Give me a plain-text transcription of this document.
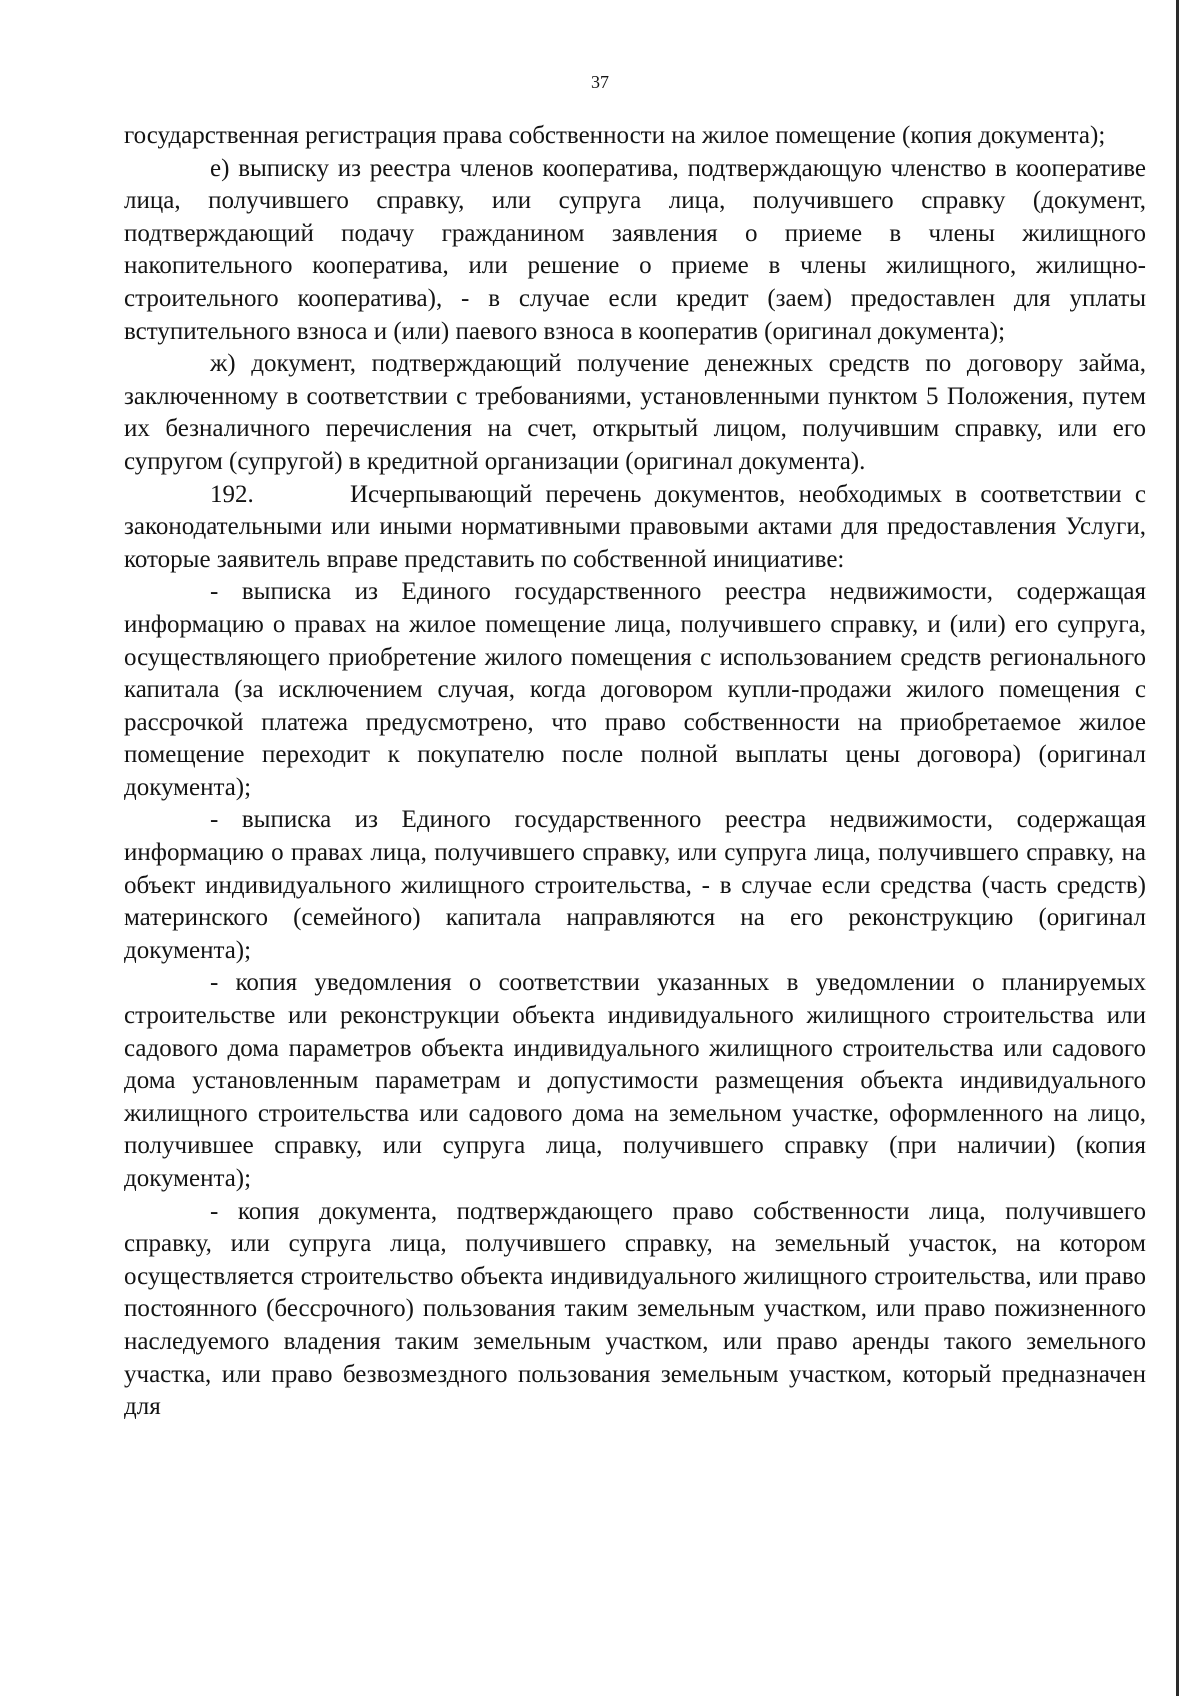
37

государственная регистрация права собственности на жилое помещение (копия документа);

е) выписку из реестра членов кооператива, подтверждающую членство в кооперативе лица, получившего справку, или супруга лица, получившего справку (документ, подтверждающий подачу гражданином заявления о приеме в члены жилищного накопительного кооператива, или решение о приеме в члены жилищного, жилищно-строительного кооператива), - в случае если кредит (заем) предоставлен для уплаты вступительного взноса и (или) паевого взноса в кооператив (оригинал документа);

ж) документ, подтверждающий получение денежных средств по договору займа, заключенному в соответствии с требованиями, установленными пунктом 5 Положения, путем их безналичного перечисления на счет, открытый лицом, получившим справку, или его супругом (супругой) в кредитной организации (оригинал документа).

192.	Исчерпывающий перечень документов, необходимых в соответствии с законодательными или иными нормативными правовыми актами для предоставления Услуги, которые заявитель вправе представить по собственной инициативе:

- выписка из Единого государственного реестра недвижимости, содержащая информацию о правах на жилое помещение лица, получившего справку, и (или) его супруга, осуществляющего приобретение жилого помещения с использованием средств регионального капитала (за исключением случая, когда договором купли-продажи жилого помещения с рассрочкой платежа предусмотрено, что право собственности на приобретаемое жилое помещение переходит к покупателю после полной выплаты цены договора) (оригинал документа);

- выписка из Единого государственного реестра недвижимости, содержащая информацию о правах лица, получившего справку, или супруга лица, получившего справку, на объект индивидуального жилищного строительства, - в случае если средства (часть средств) материнского (семейного) капитала направляются на его реконструкцию (оригинал документа);

- копия уведомления о соответствии указанных в уведомлении о планируемых строительстве или реконструкции объекта индивидуального жилищного строительства или садового дома параметров объекта индивидуального жилищного строительства или садового дома установленным параметрам и допустимости размещения объекта индивидуального жилищного строительства или садового дома на земельном участке, оформленного на лицо, получившее справку, или супруга лица, получившего справку (при наличии) (копия документа);

- копия документа, подтверждающего право собственности лица, получившего справку, или супруга лица, получившего справку, на земельный участок, на котором осуществляется строительство объекта индивидуального жилищного строительства, или право постоянного (бессрочного) пользования таким земельным участком, или право пожизненного наследуемого владения таким земельным участком, или право аренды такого земельного участка, или право безвозмездного пользования земельным участком, который предназначен для
